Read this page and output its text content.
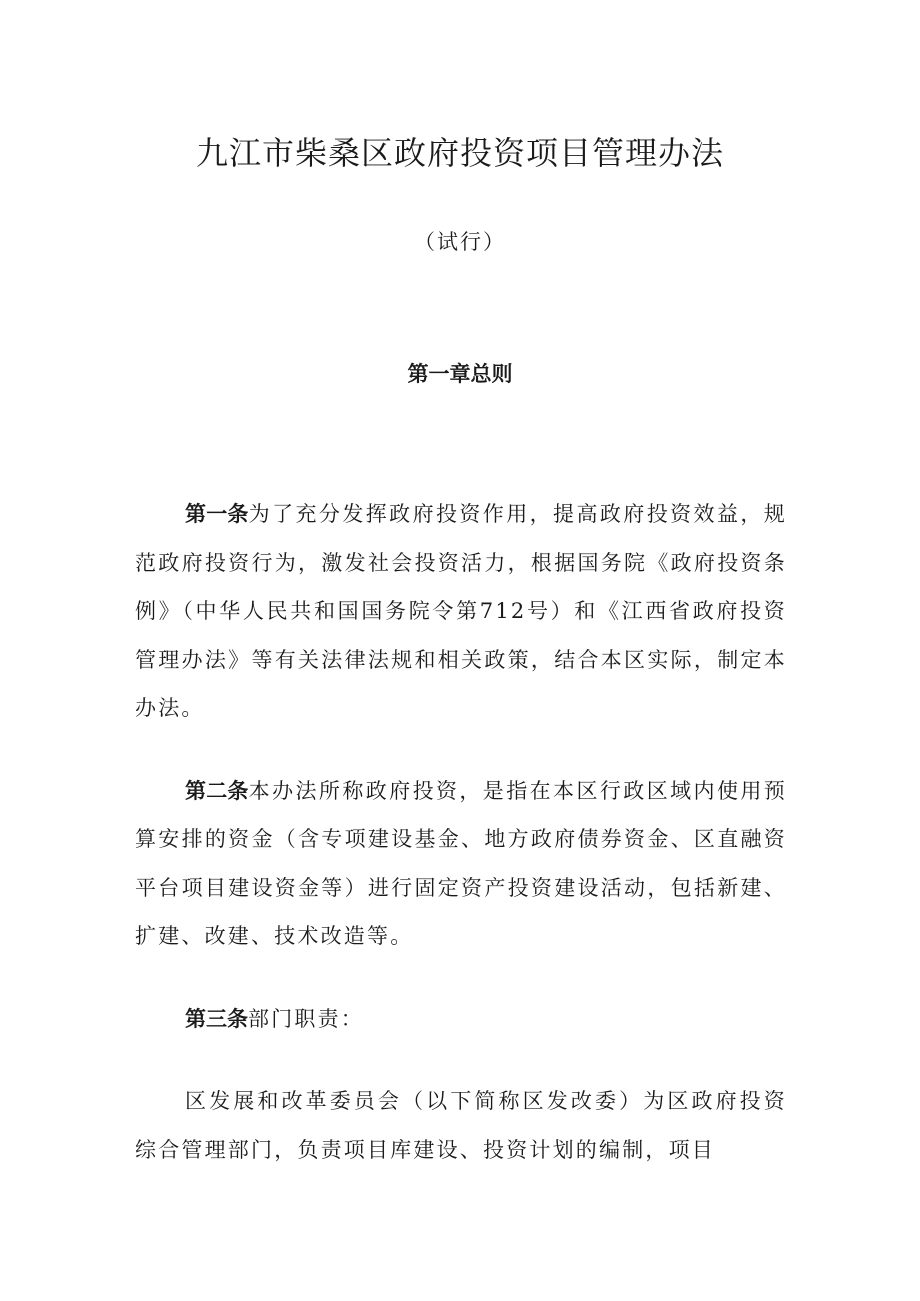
九江市柴桑区政府投资项目管理办法
（试行）
第一章总则

第一条为了充分发挥政府投资作用，提高政府投资效益，规范政府投资行为，激发社会投资活力，根据国务院《政府投资条例》（中华人民共和国国务院令第712号）和《江西省政府投资管理办法》等有关法律法规和相关政策，结合本区实际，制定本办法。

第二条本办法所称政府投资，是指在本区行政区域内使用预算安排的资金（含专项建设基金、地方政府债券资金、区直融资平台项目建设资金等）进行固定资产投资建设活动，包括新建、扩建、改建、技术改造等。

第三条部门职责：

区发展和改革委员会（以下简称区发改委）为区政府投资综合管理部门，负责项目库建设、投资计划的编制，项目
